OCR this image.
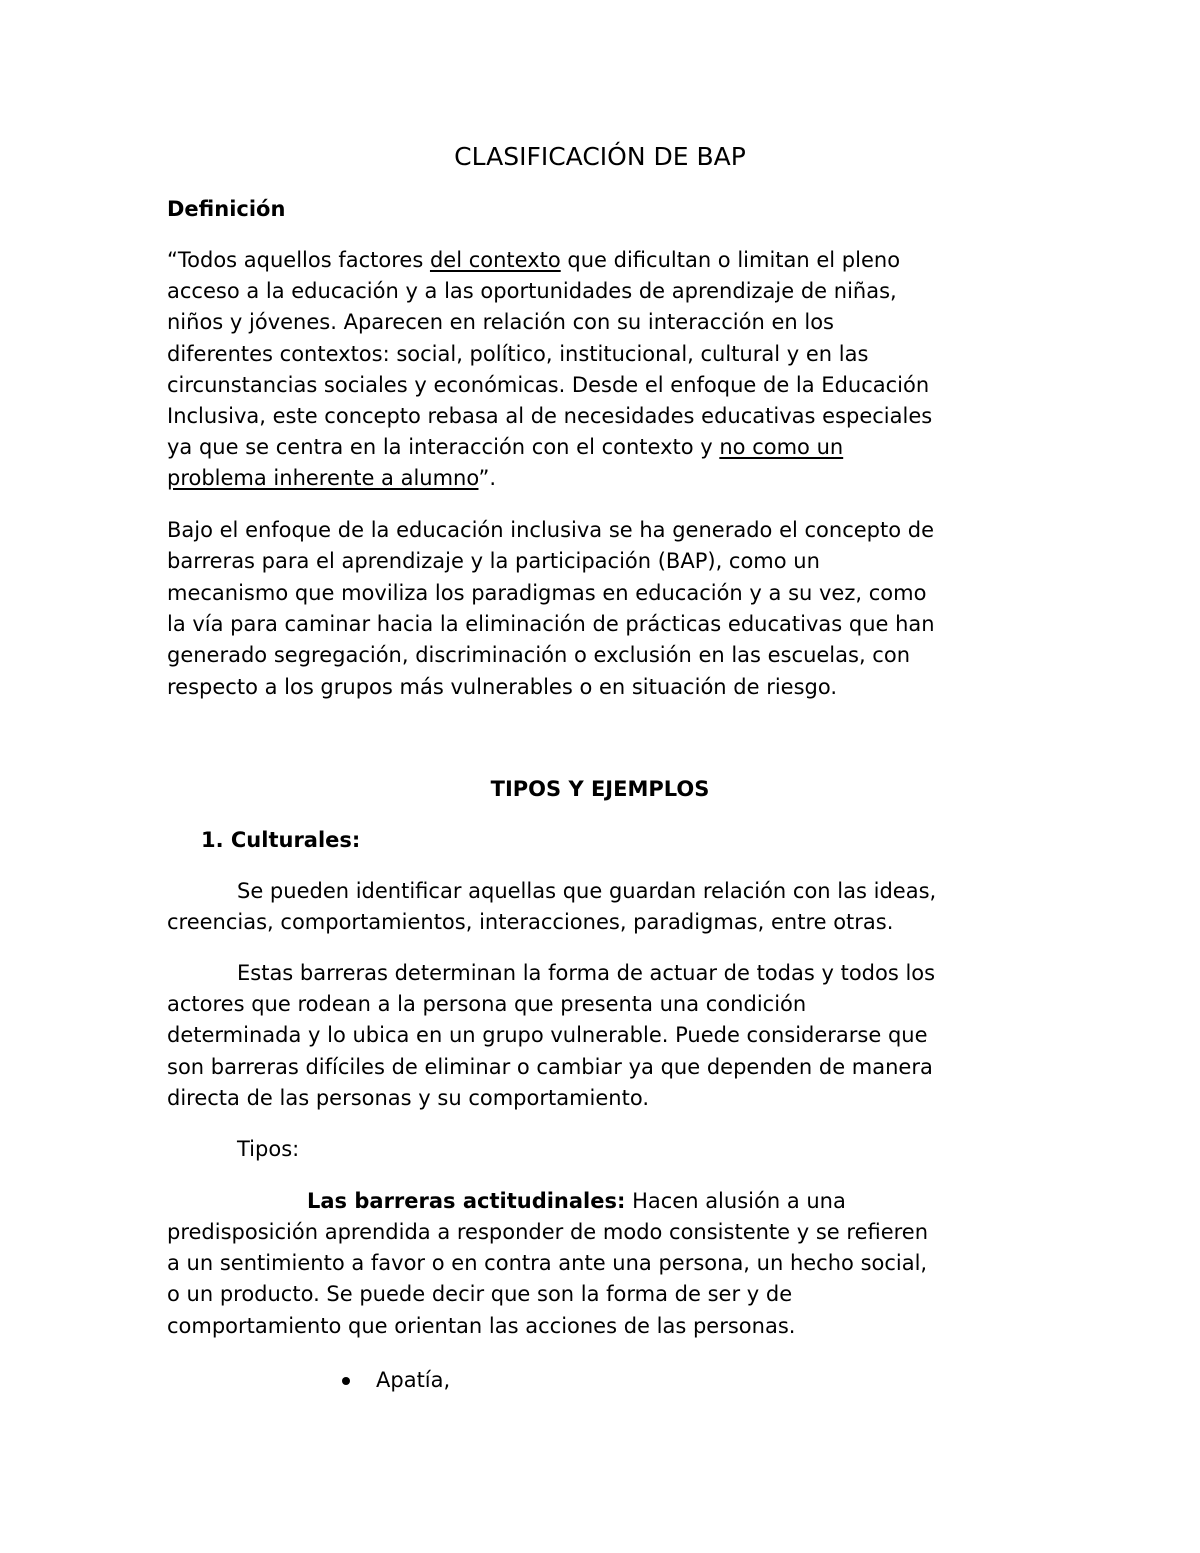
CLASIFICACIÓN DE BAP
Definición
“Todos aquellos factores del contexto que dificultan o limitan el pleno
acceso a la educación y a las oportunidades de aprendizaje de niñas,
niños y jóvenes. Aparecen en relación con su interacción en los
diferentes contextos: social, político, institucional, cultural y en las
circunstancias sociales y económicas. Desde el enfoque de la Educación
Inclusiva, este concepto rebasa al de necesidades educativas especiales
ya que se centra en la interacción con el contexto y no como un
problema inherente a alumno”.
Bajo el enfoque de la educación inclusiva se ha generado el concepto de
barreras para el aprendizaje y la participación (BAP), como un
mecanismo que moviliza los paradigmas en educación y a su vez, como
la vía para caminar hacia la eliminación de prácticas educativas que han
generado segregación, discriminación o exclusión en las escuelas, con
respecto a los grupos más vulnerables o en situación de riesgo.
TIPOS Y EJEMPLOS
1. Culturales:
Se pueden identificar aquellas que guardan relación con las ideas,
creencias, comportamientos, interacciones, paradigmas, entre otras.
Estas barreras determinan la forma de actuar de todas y todos los
actores que rodean a la persona que presenta una condición
determinada y lo ubica en un grupo vulnerable. Puede considerarse que
son barreras difíciles de eliminar o cambiar ya que dependen de manera
directa de las personas y su comportamiento.
Tipos:
Las barreras actitudinales: Hacen alusión a una
predisposición aprendida a responder de modo consistente y se refieren
a un sentimiento a favor o en contra ante una persona, un hecho social,
o un producto. Se puede decir que son la forma de ser y de
comportamiento que orientan las acciones de las personas.
Apatía,
